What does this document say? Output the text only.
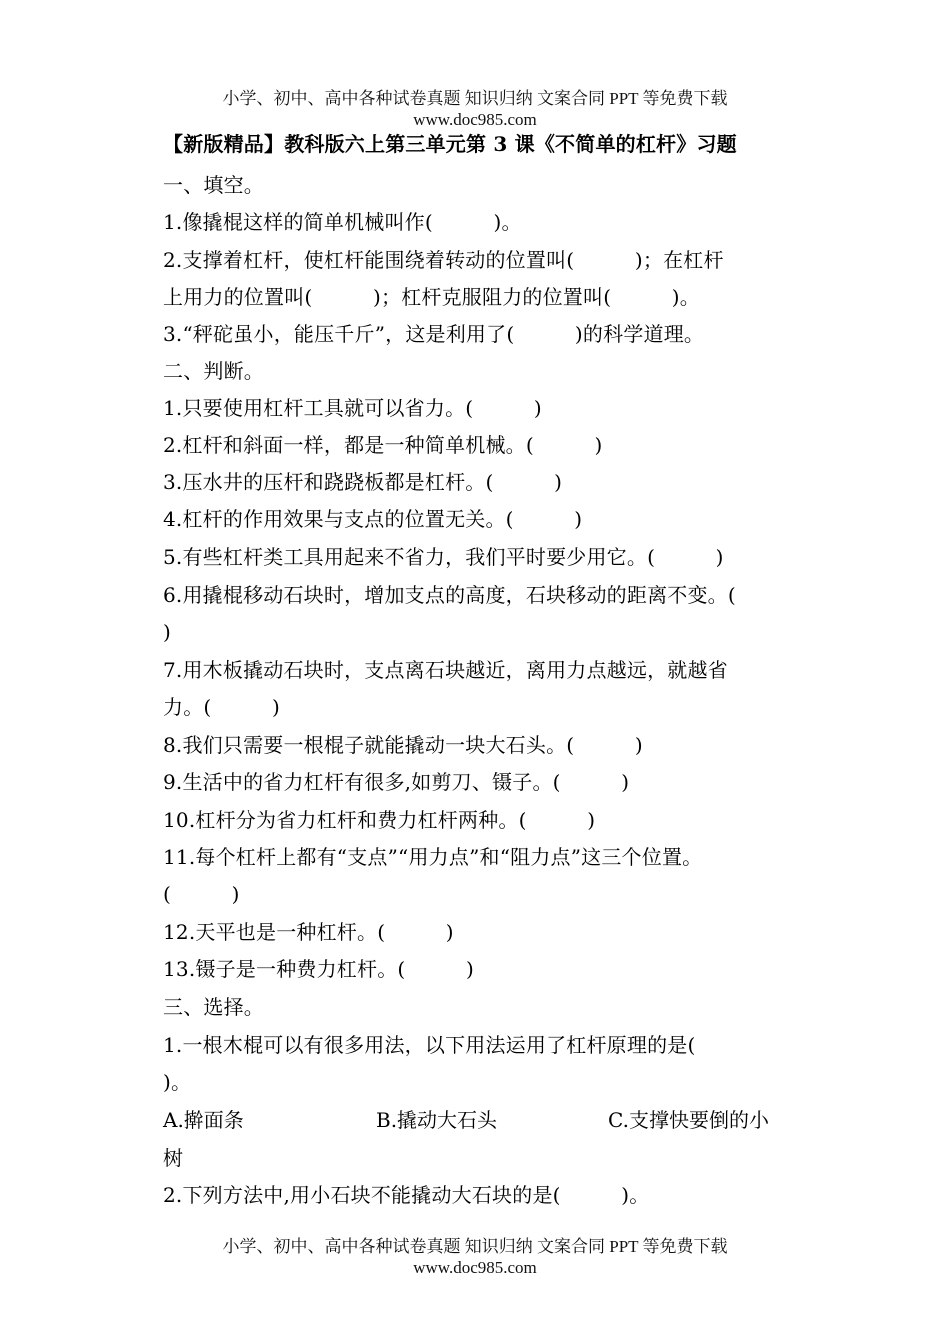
小学、初中、高中各种试卷真题 知识归纳 文案合同 PPT 等免费下载
www.doc985.com
【新版精品】教科版六上第三单元第 3 课《不简单的杠杆》习题
一、填空。
1.像撬棍这样的简单机械叫作(　　　)。
2.支撑着杠杆，使杠杆能围绕着转动的位置叫(　　　)；在杠杆
上用力的位置叫(　　　)；杠杆克服阻力的位置叫(　　　)。
3.“秤砣虽小，能压千斤”，这是利用了(　　　)的科学道理。
二、判断。
1.只要使用杠杆工具就可以省力。(　　　)
2.杠杆和斜面一样，都是一种简单机械。(　　　)
3.压水井的压杆和跷跷板都是杠杆。(　　　)
4.杠杆的作用效果与支点的位置无关。(　　　)
5.有些杠杆类工具用起来不省力，我们平时要少用它。(　　　)
6.用撬棍移动石块时，增加支点的高度，石块移动的距离不变。(
)
7.用木板撬动石块时，支点离石块越近，离用力点越远，就越省
力。(　　　)
8.我们只需要一根棍子就能撬动一块大石头。(　　　)
9.生活中的省力杠杆有很多,如剪刀、镊子。(　　　)
10.杠杆分为省力杠杆和费力杠杆两种。(　　　)
11.每个杠杆上都有“支点”“用力点”和“阻力点”这三个位置。
(　　　)
12.天平也是一种杠杆。(　　　)
13.镊子是一种费力杠杆。(　　　)
三、选择。
1.一根木棍可以有很多用法，以下用法运用了杠杆原理的是(
)。
A.擀面条	B.撬动大石头	C.支撑快要倒的小
树
2.下列方法中,用小石块不能撬动大石块的是(　　　)。
小学、初中、高中各种试卷真题 知识归纳 文案合同 PPT 等免费下载
www.doc985.com
